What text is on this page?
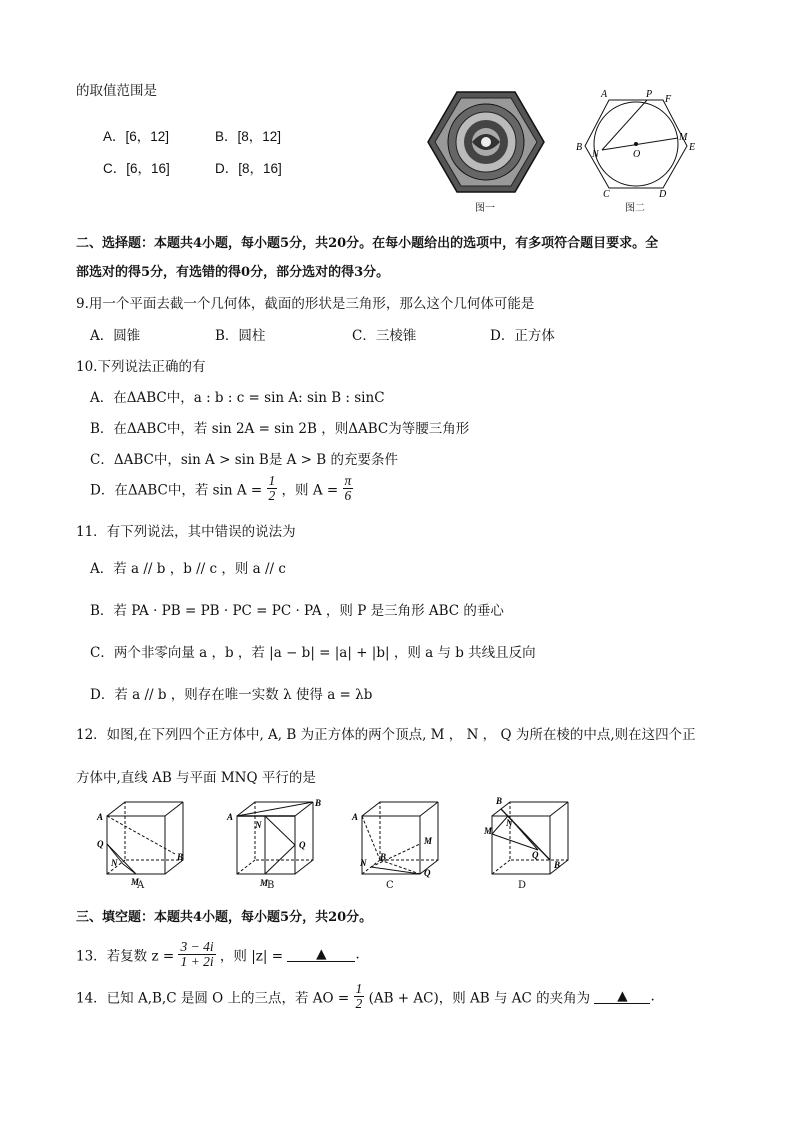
的取值范围是
A．[6，12]	B．[8，12]
C．[6，16]	D．[8，16]
图一
A	P F
M
E
B
N	O
C	D
图二
二、选择题：本题共4小题，每小题5分，共20分。在每小题给出的选项中，有多项符合题目要求。全
部选对的得5分，有选错的得0分，部分选对的得3分。
9.用一个平面去截一个几何体，截面的形状是三角形，那么这个几何体可能是
A．圆锥	B．圆柱	C．三棱锥	D．正方体
10.下列说法正确的有
A．在ΔABC中，a : b : c = sin A: sin B : sinC
B．在ΔABC中，若 sin 2A = sin 2B ，则ΔABC为等腰三角形
C．ΔABC中，sin A > sin B是 A > B 的充要条件
D．在ΔABC中，若 $\sin A = \frac{1}{2}$ ，则 $A = \frac{\pi}{6}$
11．有下列说法，其中错误的说法为
A．若 a // b ，b // c ，则 a // c
B．若 PA · PB = PB · PC = PC · PA ，则 P 是三角形 ABC 的垂心
C．两个非零向量 a ，b ，若 |a − b| = |a| + |b| ，则 a 与 b 共线且反向
D．若 a // b ，则存在唯一实数 λ 使得 a = λb
12．如图,在下列四个正方体中, A, B 为正方体的两个顶点, M ， N ， Q 为所在棱的中点,则在这四个正
方体中,直线 AB 与平面 MNQ 平行的是
A
Q
N
B
M
A
A
N
B
Q
M
B
A
B
M
N
Q
C
B
N
M
Q
B
D
三、填空题：本题共4小题，每小题5分，共20分。
13．若复数 $z = \frac{3 - 4i}{1 + 2i}$ ，则 |z| = ▲ .
14．已知 A,B,C 是圆 O 上的三点，若 AO = $\frac{1}{2} (AB + AC)$，则 AB 与 AC 的夹角为 ▲ .
